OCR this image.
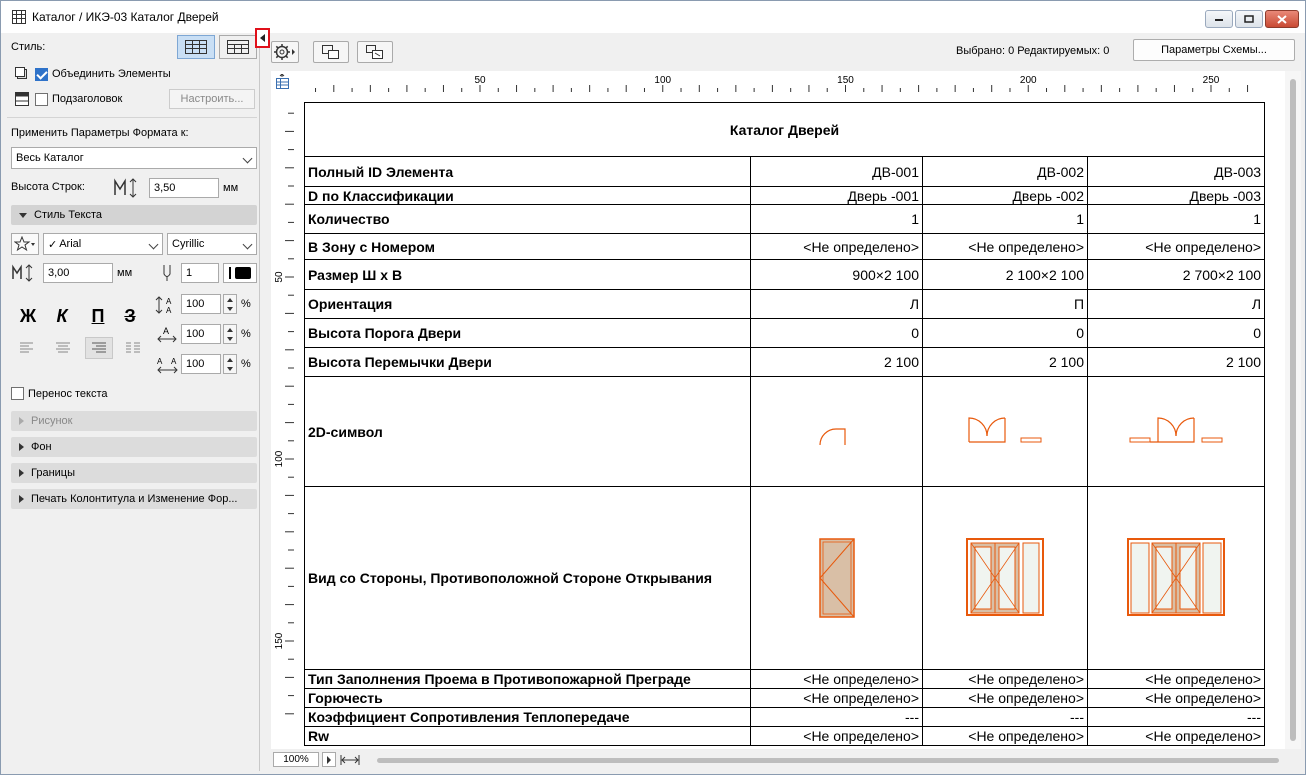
Каталог / ИКЭ-03 Каталог Дверей
Стиль:
Объединить Элементы
Подзаголовок	Настроить...
Применить Параметры Формата к:
Весь Каталог
Высота Строк:	3,50	мм
Стиль Текста
✓ Arial	Cyrillic
3,00	мм	1
Ж	К	П	З
A
A
100	%
A	100	%
A A 100	%
Перенос текста
Рисунок
Фон
Границы
Печать Колонтитула и Изменение Фор...
Выбрано: 0 Редактируемых: 0	Параметры Схемы...
50	100	150	200	250
50
100
150
Каталог Дверей			
Полный ID Элемента	ДВ-001	ДВ-002	ДВ-003
D по Классификации	Дверь -001	Дверь -002	Дверь -003
Количество	1	1	1
В Зону с Номером	<Не определено>	<Не определено>	<Не определено>
Размер Ш х В	900×2 100	2 100×2 100	2 700×2 100
Ориентация	Л	П	Л
Высота Порога Двери	0	0	0
Высота Перемычки Двери	2 100	2 100	2 100
2D-символ			
Вид со Стороны, Противоположной Стороне Открывания			
Тип Заполнения Проема в Противопожарной Преграде	<Не определено>	<Не определено>	<Не определено>
Горючесть	<Не определено>	<Не определено>	<Не определено>
Коэффициент Сопротивления Теплопередаче	---	---	---
Rw	<Не определено>	<Не определено>	<Не определено>
100%
